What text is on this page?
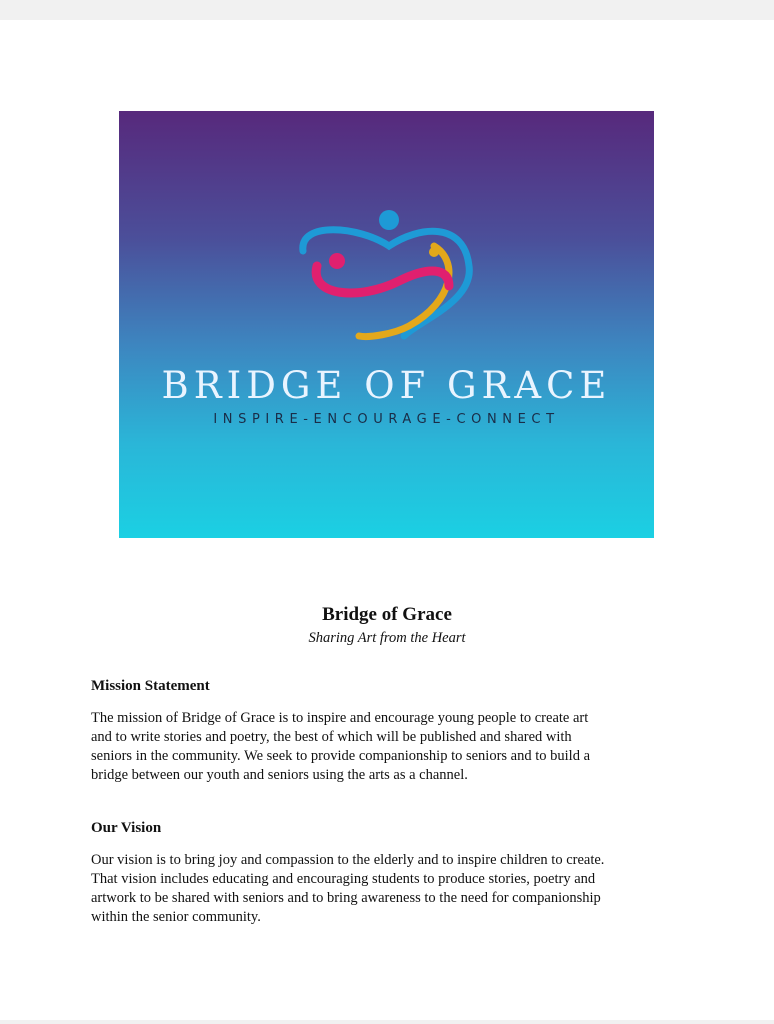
BRIDGE OF GRACE
INSPIRE-ENCOURAGE-CONNECT
Bridge of Grace
Sharing Art from the Heart
Mission Statement
The mission of Bridge of Grace is to inspire and encourage young people to create art
and to write stories and poetry, the best of which will be published and shared with
seniors in the community. We seek to provide companionship to seniors and to build a
bridge between our youth and seniors using the arts as a channel.
Our Vision
Our vision is to bring joy and compassion to the elderly and to inspire children to create.
That vision includes educating and encouraging students to produce stories, poetry and
artwork to be shared with seniors and to bring awareness to the need for companionship
within the senior community.
